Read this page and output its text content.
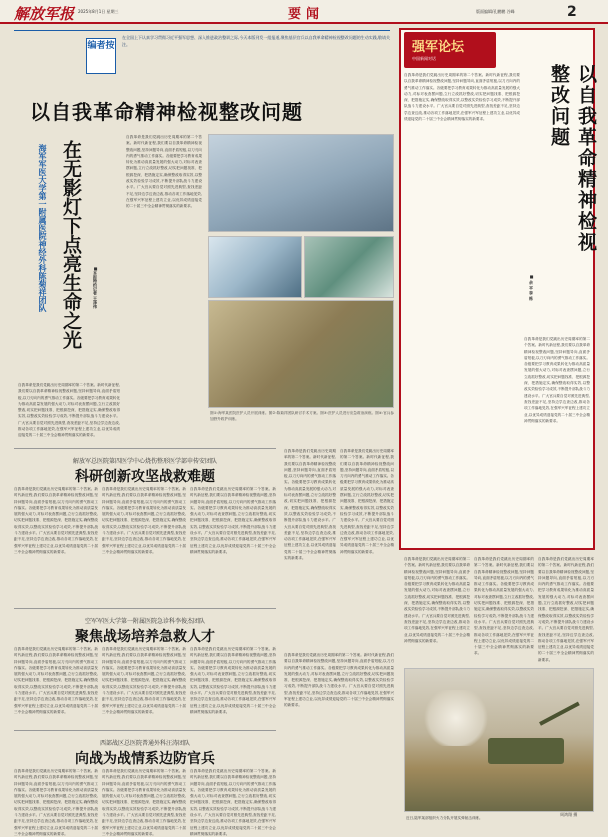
解放军报 2025年8月1日 星期三	要闻	版面编辑/孔鹏鹏 谷峰	2
编者按
在全国上下认真学习贯彻习近平强军思想、深入推进政治整训之际,今天本版刊发一组报道,聚焦基层官兵以自我革命精神检视整改问题的生动实践,敬请关注。
以自我革命精神检视整改问题
在无影灯下点亮生命之光
海军军医大学第一附属医院神经外科陈菊祥团队	■本报特约记者 王泽伟
自我革命是我们党跳出历史周期率的第二个答案。新时代新征程,我们要以自我革命精神检视整改问题,坚持问题导向,直面矛盾短板,以刀刃向内的勇气推动工作落实。各级要把学习教育成果转化为推动高质量发展的强大动力,对标对表查摆问题,立行立改抓好整改,切实把问题找准、把根源挖深、把措施定实,确保整改取得实效,以整改实效检验学习成效,不断提升部队战斗力建设水平。广大官兵要自觉对照先进典型,查找差距不足,坚持边学边查边改,推动各项工作落地见效,在强军兴军征程上建功立业,以优异成绩迎接党的二十届三中全会精神贯彻落实的新要求。
自我革命是我们党跳出历史周期率的第二个答案。新时代新征程,我们要以自我革命精神检视整改问题,坚持问题导向,直面矛盾短板,以刀刃向内的勇气推动工作落实。各级要把学习教育成果转化为推动高质量发展的强大动力,对标对表查摆问题,立行立改抓好整改,切实把问题找准、把根源挖深、把措施定实,确保整改取得实效,以整改实效检验学习成效,不断提升部队战斗力建设水平。广大官兵要自觉对照先进典型,查找差距不足,坚持边学边查边改,推动各项工作落地见效,在强军兴军征程上建功立业,以优异成绩迎接党的二十届三中全会精神贯彻落实的新要求。
图①:海军某医院医护人员开展训练。图②:陈菊祥团队研讨手术方案。图③:医护人员进行应急救治演练。图④:官兵参加野外救护训练。
解放军总医院第四医学中心烧伤整形医学部申传安团队
科研创新攻坚战救难题
自我革命是我们党跳出历史周期率的第二个答案。新时代新征程,我们要以自我革命精神检视整改问题,坚持问题导向,直面矛盾短板,以刀刃向内的勇气推动工作落实。各级要把学习教育成果转化为推动高质量发展的强大动力,对标对表查摆问题,立行立改抓好整改,切实把问题找准、把根源挖深、把措施定实,确保整改取得实效,以整改实效检验学习成效,不断提升部队战斗力建设水平。广大官兵要自觉对照先进典型,查找差距不足,坚持边学边查边改,推动各项工作落地见效,在强军兴军征程上建功立业,以优异成绩迎接党的二十届三中全会精神贯彻落实的新要求。
自我革命是我们党跳出历史周期率的第二个答案。新时代新征程,我们要以自我革命精神检视整改问题,坚持问题导向,直面矛盾短板,以刀刃向内的勇气推动工作落实。各级要把学习教育成果转化为推动高质量发展的强大动力,对标对表查摆问题,立行立改抓好整改,切实把问题找准、把根源挖深、把措施定实,确保整改取得实效,以整改实效检验学习成效,不断提升部队战斗力建设水平。广大官兵要自觉对照先进典型,查找差距不足,坚持边学边查边改,推动各项工作落地见效,在强军兴军征程上建功立业,以优异成绩迎接党的二十届三中全会精神贯彻落实的新要求。
自我革命是我们党跳出历史周期率的第二个答案。新时代新征程,我们要以自我革命精神检视整改问题,坚持问题导向,直面矛盾短板,以刀刃向内的勇气推动工作落实。各级要把学习教育成果转化为推动高质量发展的强大动力,对标对表查摆问题,立行立改抓好整改,切实把问题找准、把根源挖深、把措施定实,确保整改取得实效,以整改实效检验学习成效,不断提升部队战斗力建设水平。广大官兵要自觉对照先进典型,查找差距不足,坚持边学边查边改,推动各项工作落地见效,在强军兴军征程上建功立业,以优异成绩迎接党的二十届三中全会精神贯彻落实的新要求。
空军军医大学第一附属医院急诊科李俊杰团队
聚焦战场培养急救人才
自我革命是我们党跳出历史周期率的第二个答案。新时代新征程,我们要以自我革命精神检视整改问题,坚持问题导向,直面矛盾短板,以刀刃向内的勇气推动工作落实。各级要把学习教育成果转化为推动高质量发展的强大动力,对标对表查摆问题,立行立改抓好整改,切实把问题找准、把根源挖深、把措施定实,确保整改取得实效,以整改实效检验学习成效,不断提升部队战斗力建设水平。广大官兵要自觉对照先进典型,查找差距不足,坚持边学边查边改,推动各项工作落地见效,在强军兴军征程上建功立业,以优异成绩迎接党的二十届三中全会精神贯彻落实的新要求。
自我革命是我们党跳出历史周期率的第二个答案。新时代新征程,我们要以自我革命精神检视整改问题,坚持问题导向,直面矛盾短板,以刀刃向内的勇气推动工作落实。各级要把学习教育成果转化为推动高质量发展的强大动力,对标对表查摆问题,立行立改抓好整改,切实把问题找准、把根源挖深、把措施定实,确保整改取得实效,以整改实效检验学习成效,不断提升部队战斗力建设水平。广大官兵要自觉对照先进典型,查找差距不足,坚持边学边查边改,推动各项工作落地见效,在强军兴军征程上建功立业,以优异成绩迎接党的二十届三中全会精神贯彻落实的新要求。
自我革命是我们党跳出历史周期率的第二个答案。新时代新征程,我们要以自我革命精神检视整改问题,坚持问题导向,直面矛盾短板,以刀刃向内的勇气推动工作落实。各级要把学习教育成果转化为推动高质量发展的强大动力,对标对表查摆问题,立行立改抓好整改,切实把问题找准、把根源挖深、把措施定实,确保整改取得实效,以整改实效检验学习成效,不断提升部队战斗力建设水平。广大官兵要自觉对照先进典型,查找差距不足,坚持边学边查边改,推动各项工作落地见效,在强军兴军征程上建功立业,以优异成绩迎接党的二十届三中全会精神贯彻落实的新要求。
西部战区总医院普通外科汪涛团队
向战为战情系边防官兵
自我革命是我们党跳出历史周期率的第二个答案。新时代新征程,我们要以自我革命精神检视整改问题,坚持问题导向,直面矛盾短板,以刀刃向内的勇气推动工作落实。各级要把学习教育成果转化为推动高质量发展的强大动力,对标对表查摆问题,立行立改抓好整改,切实把问题找准、把根源挖深、把措施定实,确保整改取得实效,以整改实效检验学习成效,不断提升部队战斗力建设水平。广大官兵要自觉对照先进典型,查找差距不足,坚持边学边查边改,推动各项工作落地见效,在强军兴军征程上建功立业,以优异成绩迎接党的二十届三中全会精神贯彻落实的新要求。
自我革命是我们党跳出历史周期率的第二个答案。新时代新征程,我们要以自我革命精神检视整改问题,坚持问题导向,直面矛盾短板,以刀刃向内的勇气推动工作落实。各级要把学习教育成果转化为推动高质量发展的强大动力,对标对表查摆问题,立行立改抓好整改,切实把问题找准、把根源挖深、把措施定实,确保整改取得实效,以整改实效检验学习成效,不断提升部队战斗力建设水平。广大官兵要自觉对照先进典型,查找差距不足,坚持边学边查边改,推动各项工作落地见效,在强军兴军征程上建功立业,以优异成绩迎接党的二十届三中全会精神贯彻落实的新要求。
自我革命是我们党跳出历史周期率的第二个答案。新时代新征程,我们要以自我革命精神检视整改问题,坚持问题导向,直面矛盾短板,以刀刃向内的勇气推动工作落实。各级要把学习教育成果转化为推动高质量发展的强大动力,对标对表查摆问题,立行立改抓好整改,切实把问题找准、把根源挖深、把措施定实,确保整改取得实效,以整改实效检验学习成效,不断提升部队战斗力建设水平。广大官兵要自觉对照先进典型,查找差距不足,坚持边学边查边改,推动各项工作落地见效,在强军兴军征程上建功立业,以优异成绩迎接党的二十届三中全会精神贯彻落实的新要求。
自我革命是我们党跳出历史周期率的第二个答案。新时代新征程,我们要以自我革命精神检视整改问题,坚持问题导向,直面矛盾短板,以刀刃向内的勇气推动工作落实。各级要把学习教育成果转化为推动高质量发展的强大动力,对标对表查摆问题,立行立改抓好整改,切实把问题找准、把根源挖深、把措施定实,确保整改取得实效,以整改实效检验学习成效,不断提升部队战斗力建设水平。广大官兵要自觉对照先进典型,查找差距不足,坚持边学边查边改,推动各项工作落地见效,在强军兴军征程上建功立业,以优异成绩迎接党的二十届三中全会精神贯彻落实的新要求。
自我革命是我们党跳出历史周期率的第二个答案。新时代新征程,我们要以自我革命精神检视整改问题,坚持问题导向,直面矛盾短板,以刀刃向内的勇气推动工作落实。各级要把学习教育成果转化为推动高质量发展的强大动力,对标对表查摆问题,立行立改抓好整改,切实把问题找准、把根源挖深、把措施定实,确保整改取得实效,以整改实效检验学习成效,不断提升部队战斗力建设水平。广大官兵要自觉对照先进典型,查找差距不足,坚持边学边查边改,推动各项工作落地见效,在强军兴军征程上建功立业,以优异成绩迎接党的二十届三中全会精神贯彻落实的新要求。
自我革命是我们党跳出历史周期率的第二个答案。新时代新征程,我们要以自我革命精神检视整改问题,坚持问题导向,直面矛盾短板,以刀刃向内的勇气推动工作落实。各级要把学习教育成果转化为推动高质量发展的强大动力,对标对表查摆问题,立行立改抓好整改,切实把问题找准、把根源挖深、把措施定实,确保整改取得实效,以整改实效检验学习成效,不断提升部队战斗力建设水平。广大官兵要自觉对照先进典型,查找差距不足,坚持边学边查边改,推动各项工作落地见效,在强军兴军征程上建功立业,以优异成绩迎接党的二十届三中全会精神贯彻落实的新要求。
强军论坛
中国新闻对话
以自我革命精神检视整改问题
■ 余 平 李 栋
自我革命是我们党跳出历史周期率的第二个答案。新时代新征程,我们要以自我革命精神检视整改问题,坚持问题导向,直面矛盾短板,以刀刃向内的勇气推动工作落实。各级要把学习教育成果转化为推动高质量发展的强大动力,对标对表查摆问题,立行立改抓好整改,切实把问题找准、把根源挖深、把措施定实,确保整改取得实效,以整改实效检验学习成效,不断提升部队战斗力建设水平。广大官兵要自觉对照先进典型,查找差距不足,坚持边学边查边改,推动各项工作落地见效,在强军兴军征程上建功立业,以优异成绩迎接党的二十届三中全会精神贯彻落实的新要求。
自我革命是我们党跳出历史周期率的第二个答案。新时代新征程,我们要以自我革命精神检视整改问题,坚持问题导向,直面矛盾短板,以刀刃向内的勇气推动工作落实。各级要把学习教育成果转化为推动高质量发展的强大动力,对标对表查摆问题,立行立改抓好整改,切实把问题找准、把根源挖深、把措施定实,确保整改取得实效,以整改实效检验学习成效,不断提升部队战斗力建设水平。广大官兵要自觉对照先进典型,查找差距不足,坚持边学边查边改,推动各项工作落地见效,在强军兴军征程上建功立业,以优异成绩迎接党的二十届三中全会精神贯彻落实的新要求。
自我革命是我们党跳出历史周期率的第二个答案。新时代新征程,我们要以自我革命精神检视整改问题,坚持问题导向,直面矛盾短板,以刀刃向内的勇气推动工作落实。各级要把学习教育成果转化为推动高质量发展的强大动力,对标对表查摆问题,立行立改抓好整改,切实把问题找准、把根源挖深、把措施定实,确保整改取得实效,以整改实效检验学习成效,不断提升部队战斗力建设水平。广大官兵要自觉对照先进典型,查找差距不足,坚持边学边查边改,推动各项工作落地见效,在强军兴军征程上建功立业,以优异成绩迎接党的二十届三中全会精神贯彻落实的新要求。
自我革命是我们党跳出历史周期率的第二个答案。新时代新征程,我们要以自我革命精神检视整改问题,坚持问题导向,直面矛盾短板,以刀刃向内的勇气推动工作落实。各级要把学习教育成果转化为推动高质量发展的强大动力,对标对表查摆问题,立行立改抓好整改,切实把问题找准、把根源挖深、把措施定实,确保整改取得实效,以整改实效检验学习成效,不断提升部队战斗力建设水平。广大官兵要自觉对照先进典型,查找差距不足,坚持边学边查边改,推动各项工作落地见效,在强军兴军征程上建功立业,以优异成绩迎接党的二十届三中全会精神贯彻落实的新要求。
自我革命是我们党跳出历史周期率的第二个答案。新时代新征程,我们要以自我革命精神检视整改问题,坚持问题导向,直面矛盾短板,以刀刃向内的勇气推动工作落实。各级要把学习教育成果转化为推动高质量发展的强大动力,对标对表查摆问题,立行立改抓好整改,切实把问题找准、把根源挖深、把措施定实,确保整改取得实效,以整改实效检验学习成效,不断提升部队战斗力建设水平。广大官兵要自觉对照先进典型,查找差距不足,坚持边学边查边改,推动各项工作落地见效,在强军兴军征程上建功立业,以优异成绩迎接党的二十届三中全会精神贯彻落实的新要求。
周鸿翔 摄
近日,陆军某部组织火力分队开展实弹射击训练。
